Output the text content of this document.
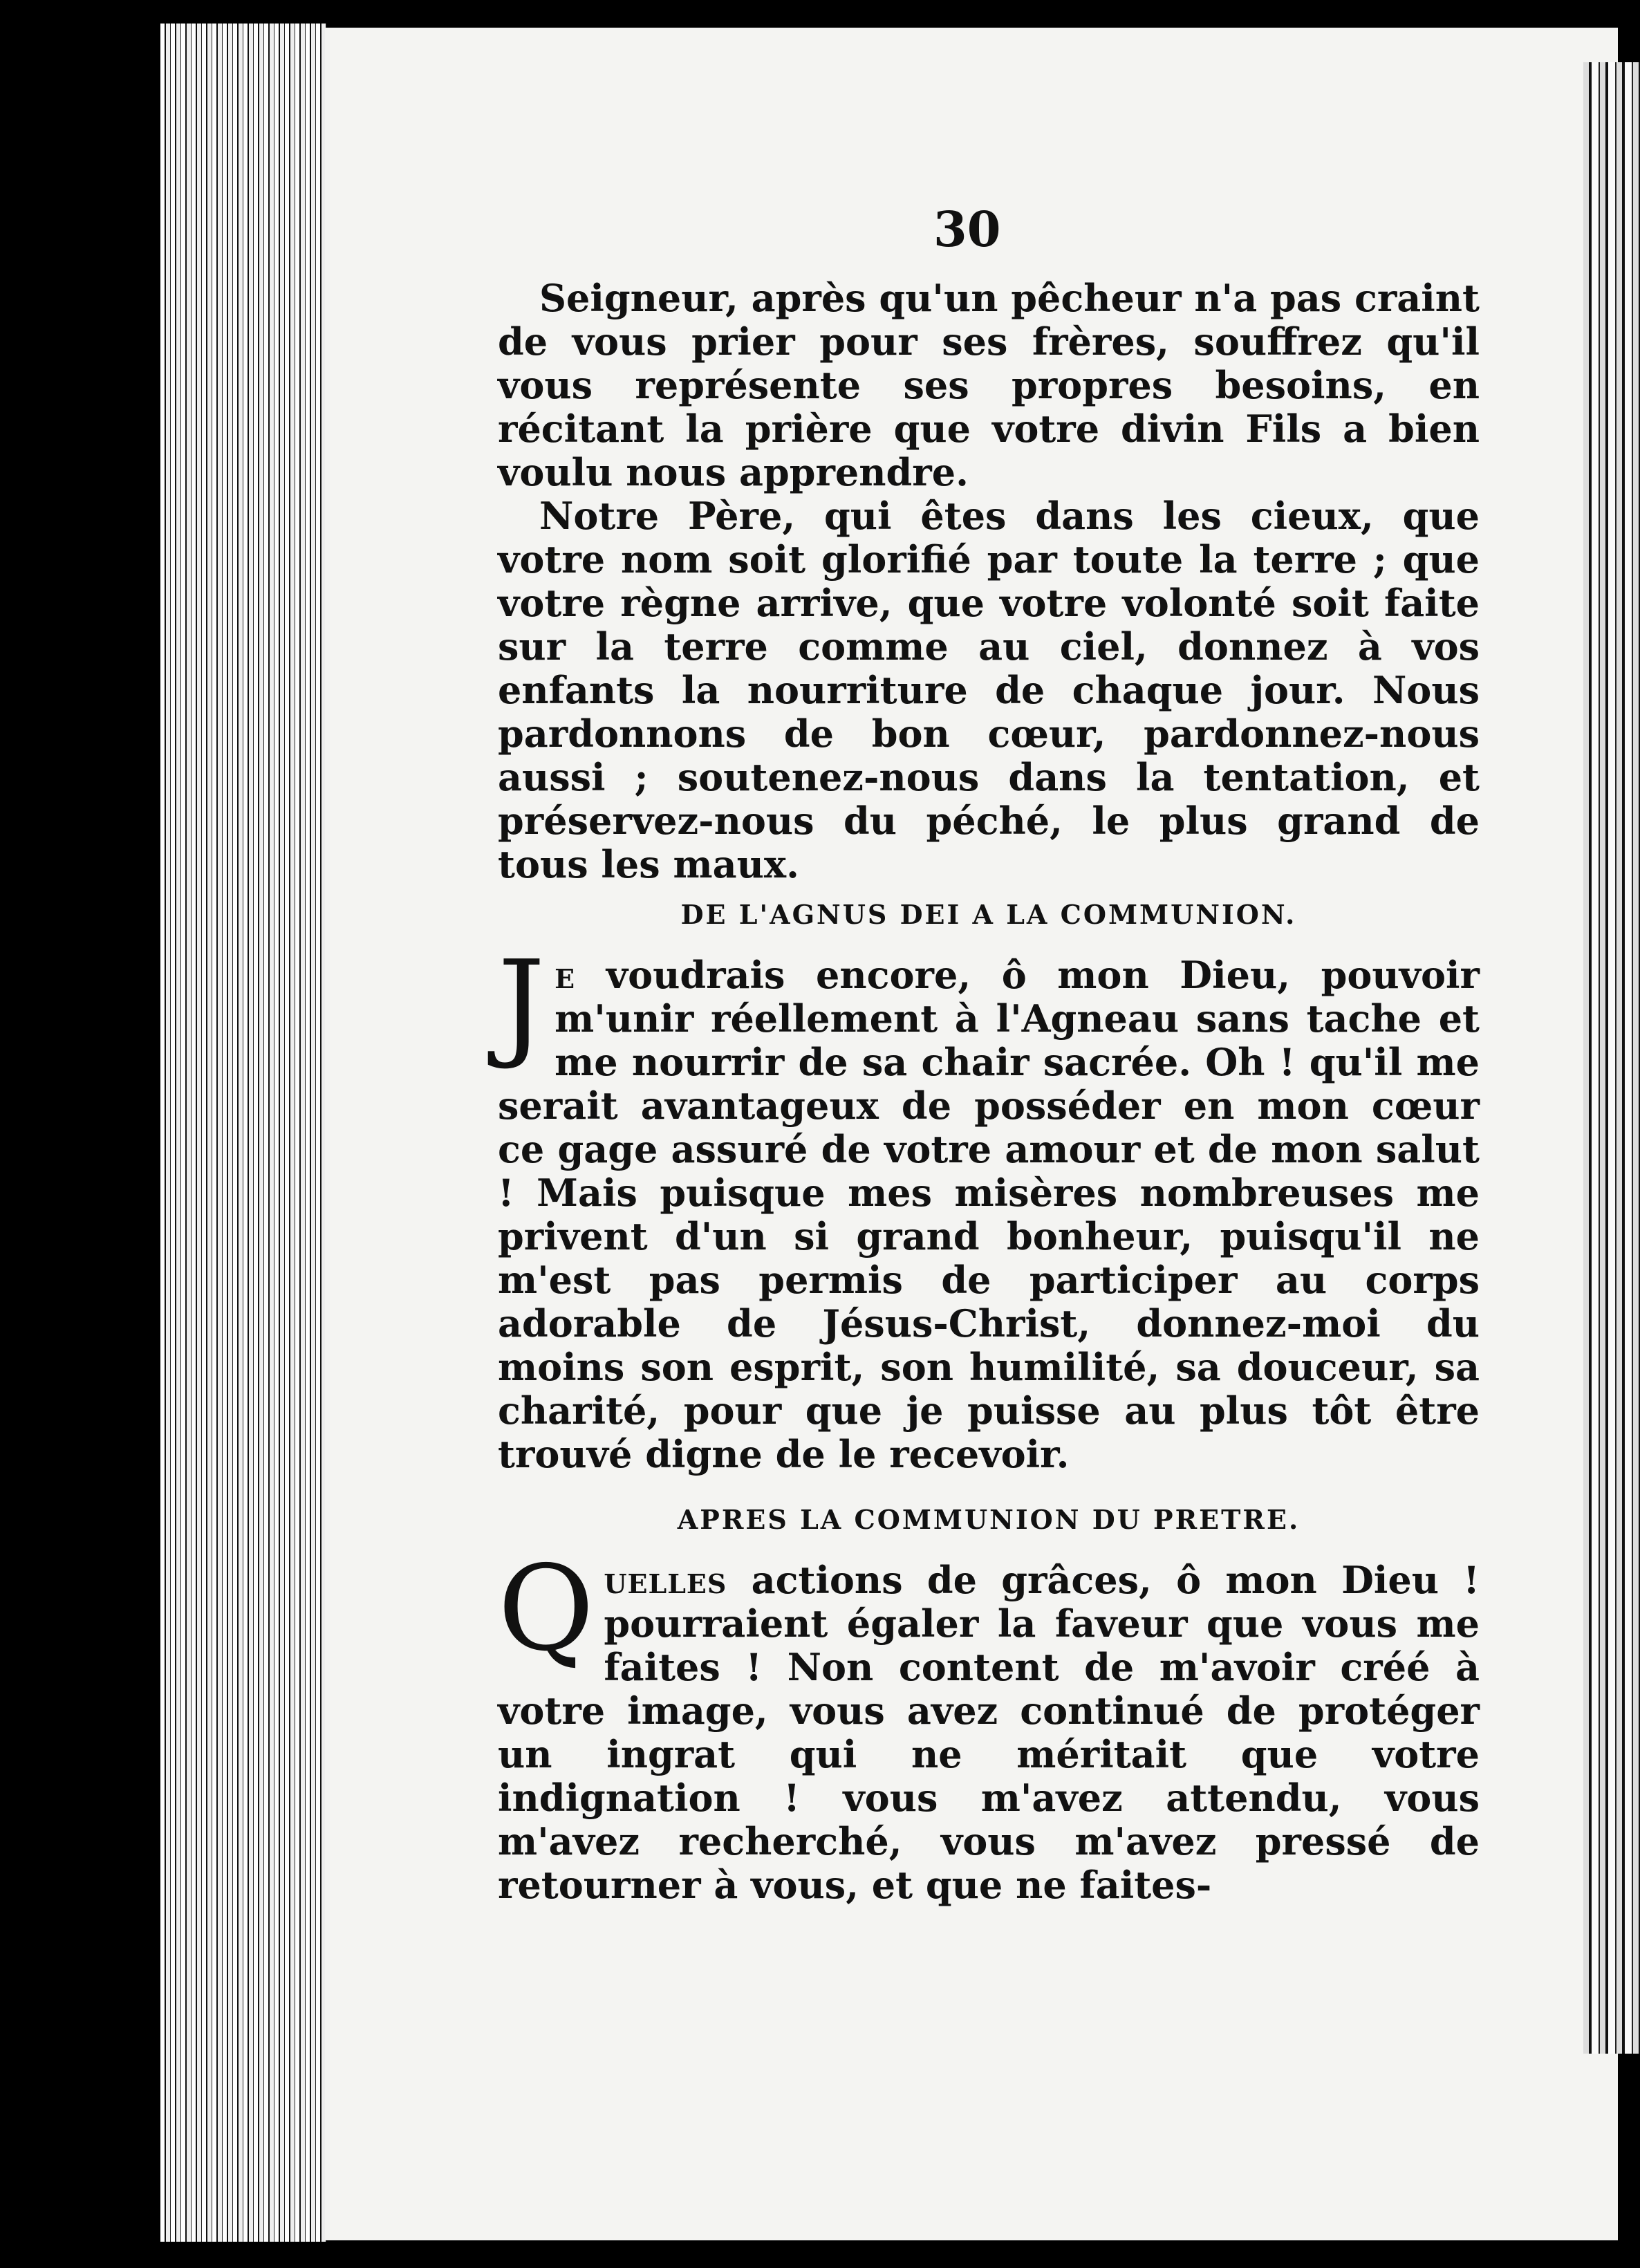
30

Seigneur, après qu'un pêcheur n'a pas craint de vous prier pour ses frères, souffrez qu'il vous représente ses propres besoins, en récitant la prière que votre divin Fils a bien voulu nous apprendre.

Notre Père, qui êtes dans les cieux, que votre nom soit glorifié par toute la terre ; que votre règne arrive, que votre volonté soit faite sur la terre comme au ciel, donnez à vos enfants la nourriture de chaque jour. Nous pardonnons de bon cœur, pardonnez-nous aussi ; soutenez-nous dans la tentation, et préservez-nous du péché, le plus grand de tous les maux.

DE L'AGNUS DEI A LA COMMUNION.

Je voudrais encore, ô mon Dieu, pouvoir m'unir réellement à l'Agneau sans tache et me nourrir de sa chair sacrée. Oh ! qu'il me serait avantageux de posséder en mon cœur ce gage assuré de votre amour et de mon salut ! Mais puisque mes misères nombreuses me privent d'un si grand bonheur, puisqu'il ne m'est pas permis de participer au corps adorable de Jésus-Christ, donnez-moi du moins son esprit, son humilité, sa douceur, sa charité, pour que je puisse au plus tôt être trouvé digne de le recevoir.

APRES LA COMMUNION DU PRETRE.

Quelles actions de grâces, ô mon Dieu ! pourraient égaler la faveur que vous me faites ! Non content de m'avoir créé à votre image, vous avez continué de protéger un ingrat qui ne méritait que votre indignation ! vous m'avez attendu, vous m'avez recherché, vous m'avez pressé de retourner à vous, et que ne faites-
